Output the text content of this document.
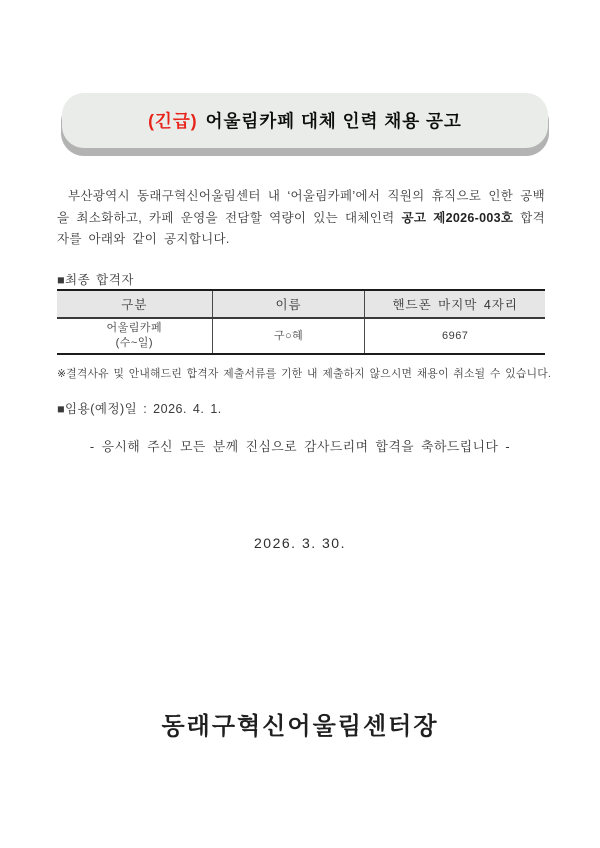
(긴급) 어울림카페 대체 인력 채용 공고

부산광역시 동래구혁신어울림센터 내 ‘어울림카페’에서 직원의 휴직으로 인한 공백을 최소화하고, 카페 운영을 전담할 역량이 있는 대체인력 공고 제2026-003호 합격자를 아래와 같이 공지합니다.

■최종 합격자
구분	이름	핸드폰 마지막 4자리

어울림카페
(수~일)	구○혜	6967
※결격사유 및 안내해드린 합격자 제출서류를 기한 내 제출하지 않으시면 채용이 취소될 수 있습니다.
■임용(예정)일 : 2026. 4. 1.
- 응시해 주신 모든 분께 진심으로 감사드리며 합격을 축하드립니다 -
2026. 3. 30.
동래구혁신어울림센터장
